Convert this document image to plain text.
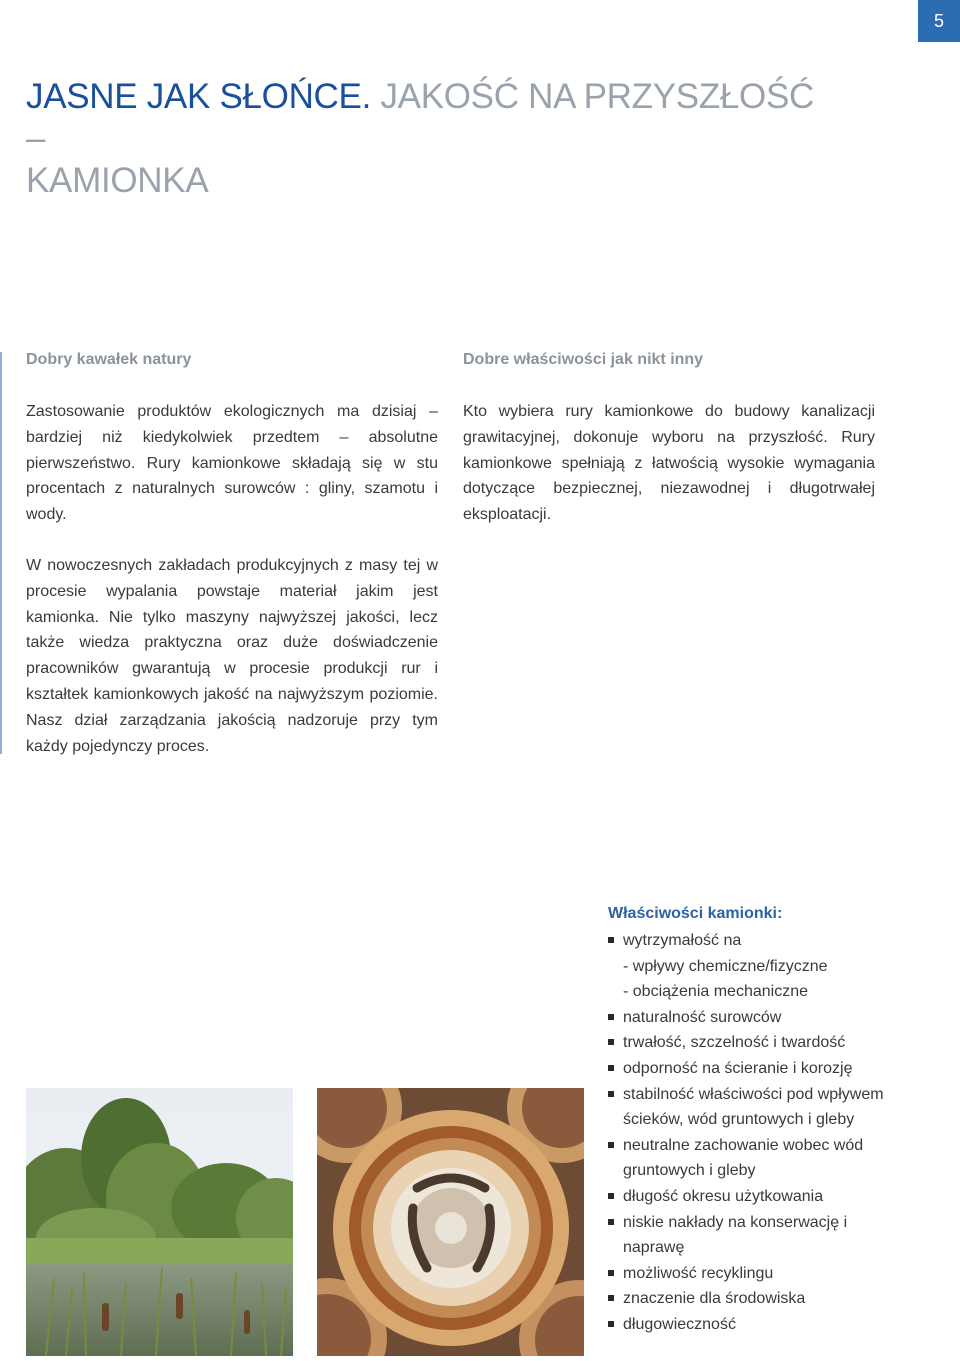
5
JASNE JAK SŁOŃCE. JAKOŚĆ NA PRZYSZŁOŚĆ –
KAMIONKA
Dobry kawałek natury

Zastosowanie produktów ekologicznych ma dzisiaj – bardziej niż kiedykolwiek przedtem – absolutne pierwszeństwo. Rury kamionkowe składają się w stu procentach z naturalnych surowców : gliny, szamotu i wody.

W nowoczesnych zakładach produkcyjnych z masy tej w procesie wypalania powstaje materiał jakim jest kamionka. Nie tylko maszyny najwyższej jakości, lecz także wiedza praktyczna oraz duże doświadczenie pracowników gwarantują w procesie produkcji rur i kształtek kamionkowych jakość na najwyższym poziomie. Nasz dział zarządzania jakością nadzoruje przy tym każdy pojedynczy proces.

Dobre właściwości jak nikt inny

Kto wybiera rury kamionkowe do budowy kanalizacji grawitacyjnej, dokonuje wyboru na przyszłość. Rury kamionkowe spełniają z łatwością wysokie wymagania dotyczące bezpiecznej, niezawodnej i długotrwałej eksploatacji.

Właściwości kamionki:
wytrzymałość na
- wpływy chemiczne/fizyczne
- obciążenia mechaniczne
naturalność surowców
trwałość, szczelność i twardość
odporność na ścieranie i korozję
stabilność właściwości pod wpływem ścieków, wód gruntowych i gleby
neutralne zachowanie wobec wód gruntowych i gleby
długość okresu użytkowania
niskie nakłady na konserwację i naprawę
możliwość recyklingu
znaczenie dla środowiska
długowieczność
